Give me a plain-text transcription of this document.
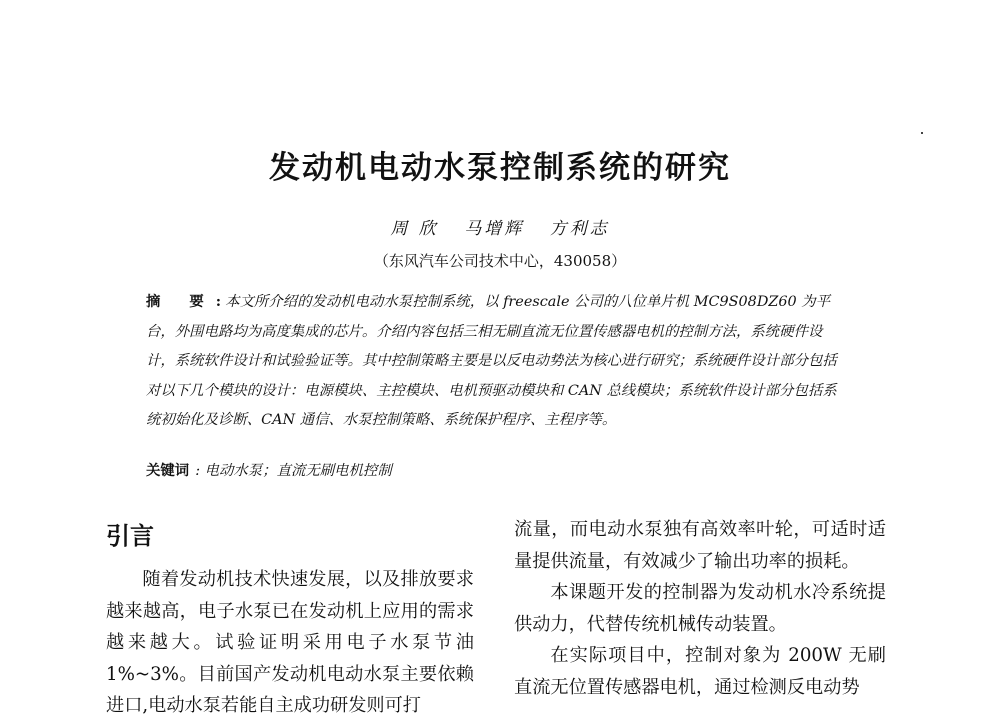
发动机电动水泵控制系统的研究
周 欣 马增辉 方利志
（东风汽车公司技术中心，430058）
摘 要: 本文所介绍的发动机电动水泵控制系统，以 freescale 公司的八位单片机 MC9S08DZ60 为平台，外围电路均为高度集成的芯片。介绍内容包括三相无刷直流无位置传感器电机的控制方法，系统硬件设计，系统软件设计和试验验证等。其中控制策略主要是以反电动势法为核心进行研究；系统硬件设计部分包括对以下几个模块的设计：电源模块、主控模块、电机预驱动模块和 CAN 总线模块；系统软件设计部分包括系统初始化及诊断、CAN 通信、水泵控制策略、系统保护程序、主程序等。
关键词 : 电动水泵；直流无刷电机控制
引言

随着发动机技术快速发展，以及排放要求越来越高，电子水泵已在发动机上应用的需求越来越大。试验证明采用电子水泵节油1%~3%。目前国产发动机电动水泵主要依赖进口,电动水泵若能自主成功研发则可打

流量，而电动水泵独有高效率叶轮，可适时适量提供流量，有效减少了输出功率的损耗。

本课题开发的控制器为发动机水冷系统提供动力，代替传统机械传动装置。

在实际项目中，控制对象为 200W 无刷直流无位置传感器电机，通过检测反电动势
